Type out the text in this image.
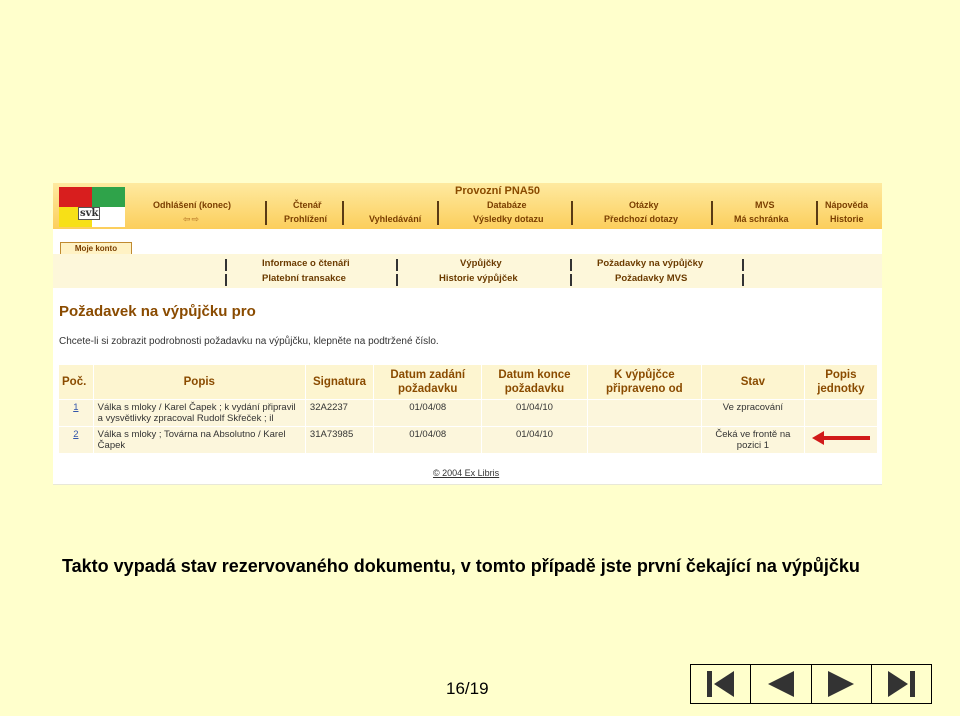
svk
Provozní PNA50
Odhlášení (konec)
⇦⇨
Čtenář
Prohlížení	Vyhledávání
Databáze
Výsledky dotazu
Otázky
Předchozí dotazy
MVS
Má schránka
Nápověda
Historie
Moje konto
Informace o čtenáři	Výpůjčky	Požadavky na výpůjčky
Platební transakce	Historie výpůjček	Požadavky MVS
Požadavek na výpůjčku pro
Chcete-li si zobrazit podrobnosti požadavku na výpůjčku, klepněte na podtržené číslo.
Poč.	Popis	Signatura	Datum zadání požadavku	Datum konce požadavku	K výpůjčce připraveno od	Stav	Popis jednotky
1	Válka s mloky / Karel Čapek ; k vydání připravil a vysvětlivky zpracoval Rudolf Skřeček ; il	32A2237	01/04/08	01/04/10		Ve zpracování	
2	Válka s mloky ; Továrna na Absolutno / Karel Čapek	31A73985	01/04/08	01/04/10		Čeká ve frontě na pozici 1	
© 2004 Ex Libris
Takto vypadá stav rezervovaného dokumentu, v tomto případě jste první čekající na výpůjčku
16/19
